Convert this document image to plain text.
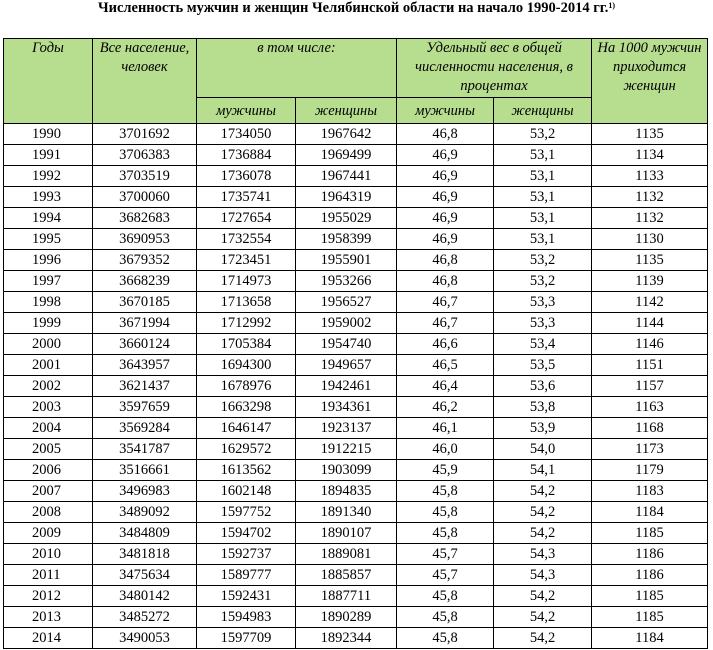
Численность мужчин и женщин Челябинской области на начало 1990-2014 гг.$^{1)}$
Годы	Все население, человек	в том числе:		Удельный вес в общей численности населения, в процентах		На 1000 мужчин приходится женщин
		мужчины	женщины	мужчины	женщины	
1990	3701692	1734050	1967642	46,8	53,2	1135
1991	3706383	1736884	1969499	46,9	53,1	1134
1992	3703519	1736078	1967441	46,9	53,1	1133
1993	3700060	1735741	1964319	46,9	53,1	1132
1994	3682683	1727654	1955029	46,9	53,1	1132
1995	3690953	1732554	1958399	46,9	53,1	1130
1996	3679352	1723451	1955901	46,8	53,2	1135
1997	3668239	1714973	1953266	46,8	53,2	1139
1998	3670185	1713658	1956527	46,7	53,3	1142
1999	3671994	1712992	1959002	46,7	53,3	1144
2000	3660124	1705384	1954740	46,6	53,4	1146
2001	3643957	1694300	1949657	46,5	53,5	1151
2002	3621437	1678976	1942461	46,4	53,6	1157
2003	3597659	1663298	1934361	46,2	53,8	1163
2004	3569284	1646147	1923137	46,1	53,9	1168
2005	3541787	1629572	1912215	46,0	54,0	1173
2006	3516661	1613562	1903099	45,9	54,1	1179
2007	3496983	1602148	1894835	45,8	54,2	1183
2008	3489092	1597752	1891340	45,8	54,2	1184
2009	3484809	1594702	1890107	45,8	54,2	1185
2010	3481818	1592737	1889081	45,7	54,3	1186
2011	3475634	1589777	1885857	45,7	54,3	1186
2012	3480142	1592431	1887711	45,8	54,2	1185
2013	3485272	1594983	1890289	45,8	54,2	1185
2014	3490053	1597709	1892344	45,8	54,2	1184
